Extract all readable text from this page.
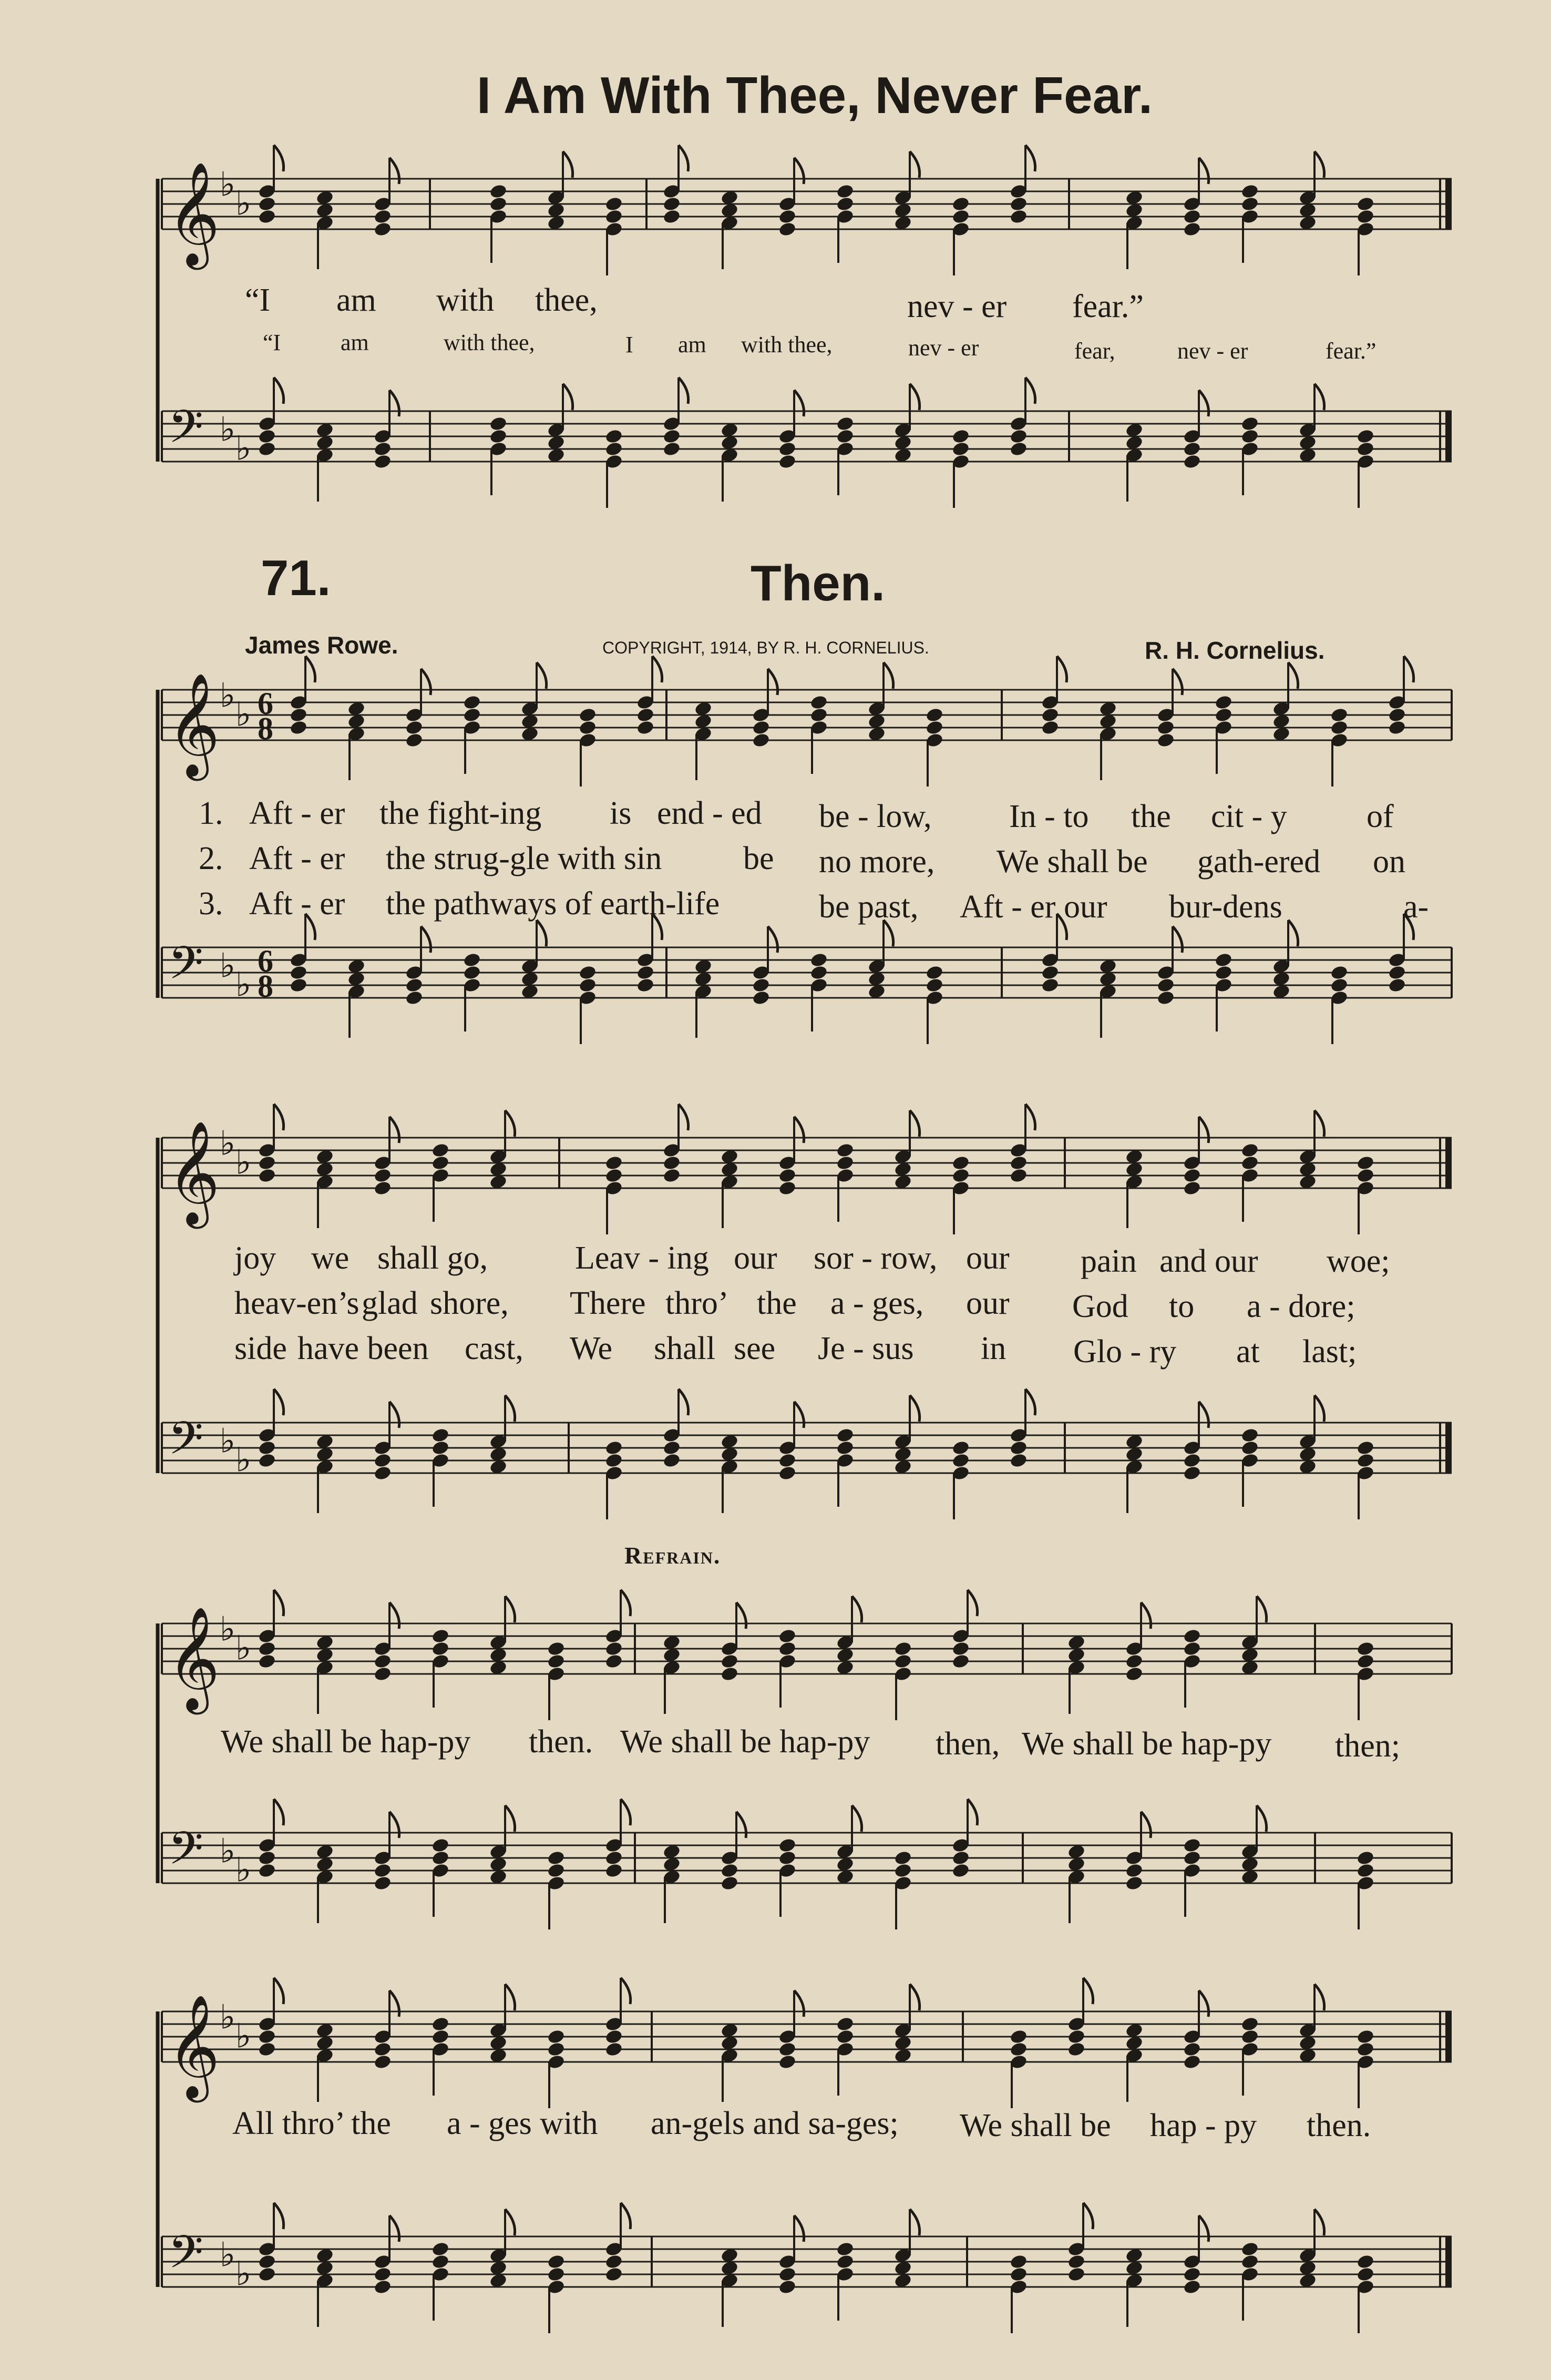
𝄞 ♭ ♭
𝄢 ♭ ♭
𝄞 ♭ ♭ 6
8
𝄢 ♭ ♭
6
8
𝄞 ♭ ♭
𝄢 ♭ ♭
𝄞 ♭ ♭
𝄢 ♭ ♭
𝄞 ♭ ♭
𝄢 ♭ ♭
I Am With Thee, Never Fear.
“I am with thee,	nev - er fear.”
“I	am	with thee,	I am with thee,	nev - er	fear,	nev - er	fear.”
71.	Then.
James Rowe.	COPYRIGHT, 1914, BY R. H. CORNELIUS.	R. H. Cornelius.
1. Aft - er the fight-ing is end - ed be - low, In - to the cit - y of
2. Aft - er the strug-gle with sin be no more, We shall be gath-ered on
3. Aft - er the pathways of earth-life	be past, Aft - er our bur-dens	a-
joy we shall go,	Leav - ing our sor - row, our pain and our woe;
heav-en’s glad shore, There thro’ the a - ges, our God to a - dore;
side have been cast, We shall see Je - sus in Glo - ry at last;
Refrain.
We shall be hap-py then. We shall be hap-py then, We shall be hap-py then;
All thro’ the a - ges with an-gels and sa-ges; We shall be hap - py then.
